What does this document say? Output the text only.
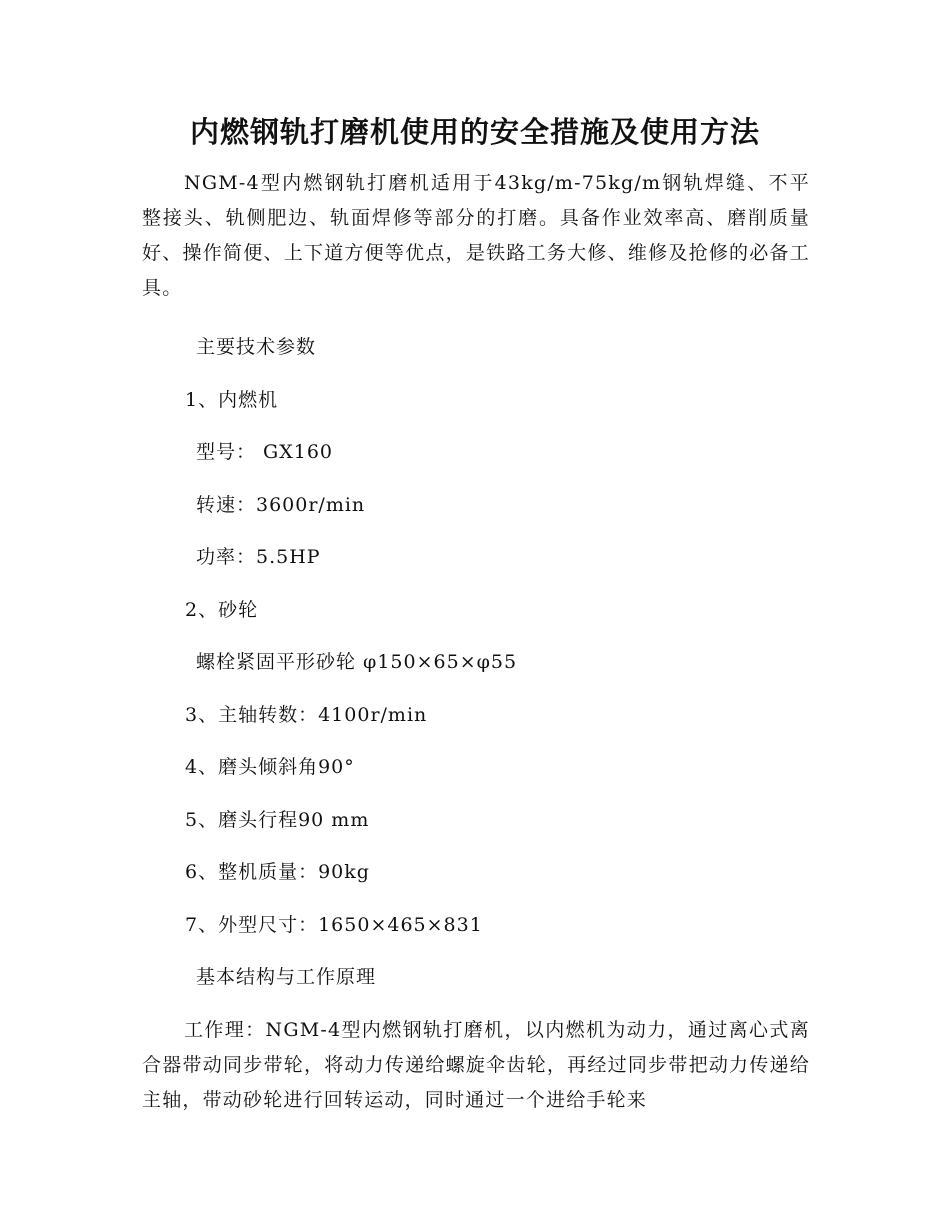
内燃钢轨打磨机使用的安全措施及使用方法

NGM-4型内燃钢轨打磨机适用于43kg/m-75kg/m钢轨焊缝、不平整接头、轨侧肥边、轨面焊修等部分的打磨。具备作业效率高、磨削质量好、操作简便、上下道方便等优点，是铁路工务大修、维修及抢修的必备工具。

主要技术参数
1、内燃机
型号： GX160
转速：3600r/min
功率：5.5HP
2、砂轮
螺栓紧固平形砂轮 φ150×65×φ55
3、主轴转数：4100r/min
4、磨头倾斜角90°
5、磨头行程90 mm
6、整机质量：90kg
7、外型尺寸：1650×465×831
基本结构与工作原理

工作理：NGM-4型内燃钢轨打磨机，以内燃机为动力，通过离心式离合器带动同步带轮，将动力传递给螺旋伞齿轮，再经过同步带把动力传递给主轴，带动砂轮进行回转运动，同时通过一个进给手轮来
